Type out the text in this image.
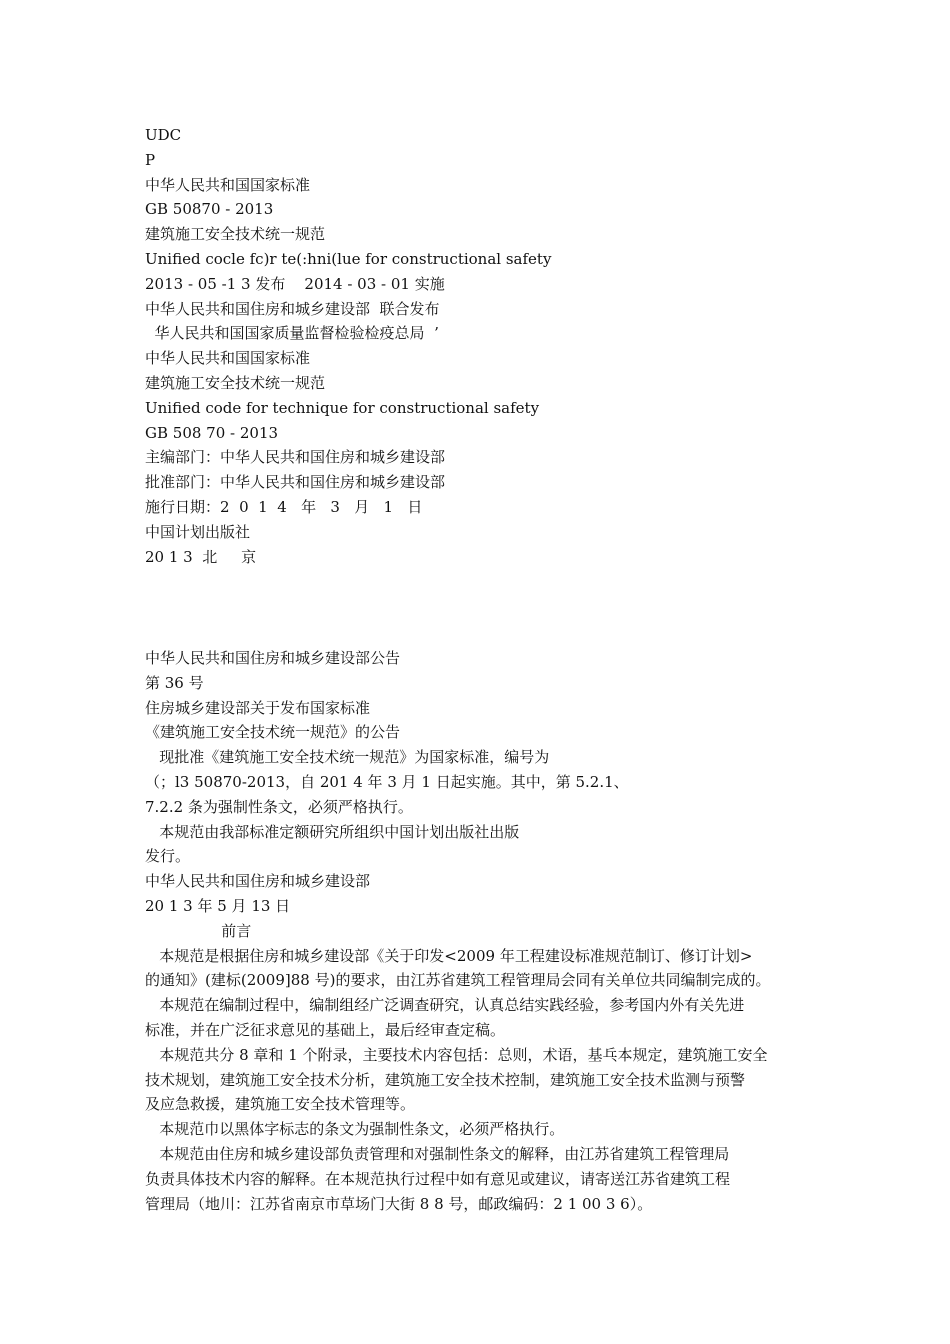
UDC
P
中华人民共和国国家标准
GB 50870 - 2013
建筑施工安全技术统一规范
Unified cocle fc)r te(:hni(lue for constructional safety
2013 - 05 -1 3 发布    2014 - 03 - 01 实施
中华人民共和国住房和城乡建设部  联合发布
华人民共和国国家质量监督检验检疫总局  ’
中华人民共和国国家标准
建筑施工安全技术统一规范
Unified code for technique for constructional safety
GB 508 70 - 2013
主编部门：中华人民共和国住房和城乡建设部
批准部门：中华人民共和国住房和城乡建设部
施行日期：2  0  1  4   年   3   月   1   日
中国计划出版社
20 1 3  北     京
中华人民共和国住房和城乡建设部公告
第 36 号
住房城乡建设部关于发布国家标准
《建筑施工安全技术统一规范》的公告
现批准《建筑施工安全技术统一规范》为国家标准，编号为
（；l3 50870-2013，自 201 4 年 3 月 1 日起实施。其中，第 5.2.1、
7.2.2 条为强制性条文，必须严格执行。
本规范由我部标准定额研究所组织中国计划出版社出版
发行。
中华人民共和国住房和城乡建设部
20 1 3 年 5 月 13 日
前言
本规范是根据住房和城乡建设部《关于印发<2009 年工程建设标准规范制订、修订计划>
的通知》(建标(2009]88 号)的要求，由江苏省建筑工程管理局会同有关单位共同编制完成的。
本规范在编制过程中，编制组经广泛调查研究，认真总结实践经验，参考国内外有关先进
标准，并在广泛征求意见的基础上，最后经审查定稿。
本规范共分 8 章和 1 个附录，主要技术内容包括：总则，术语，基乓本规定，建筑施工安全
技术规划，建筑施工安全技术分析，建筑施工安全技术控制，建筑施工安全技术监测与预警
及应急救援，建筑施工安全技术管理等。
本规范巾以黑体字标志的条文为强制性条文，必须严格执行。
本规范由住房和城乡建设部负责管理和对强制性条文的解释，由江苏省建筑工程管理局
负责具体技术内容的解释。在本规范执行过程中如有意见或建议，请寄送江苏省建筑工程
管理局（地川：江苏省南京市草场门大街 8 8 号，邮政编码：2 1 00 3 6）。
